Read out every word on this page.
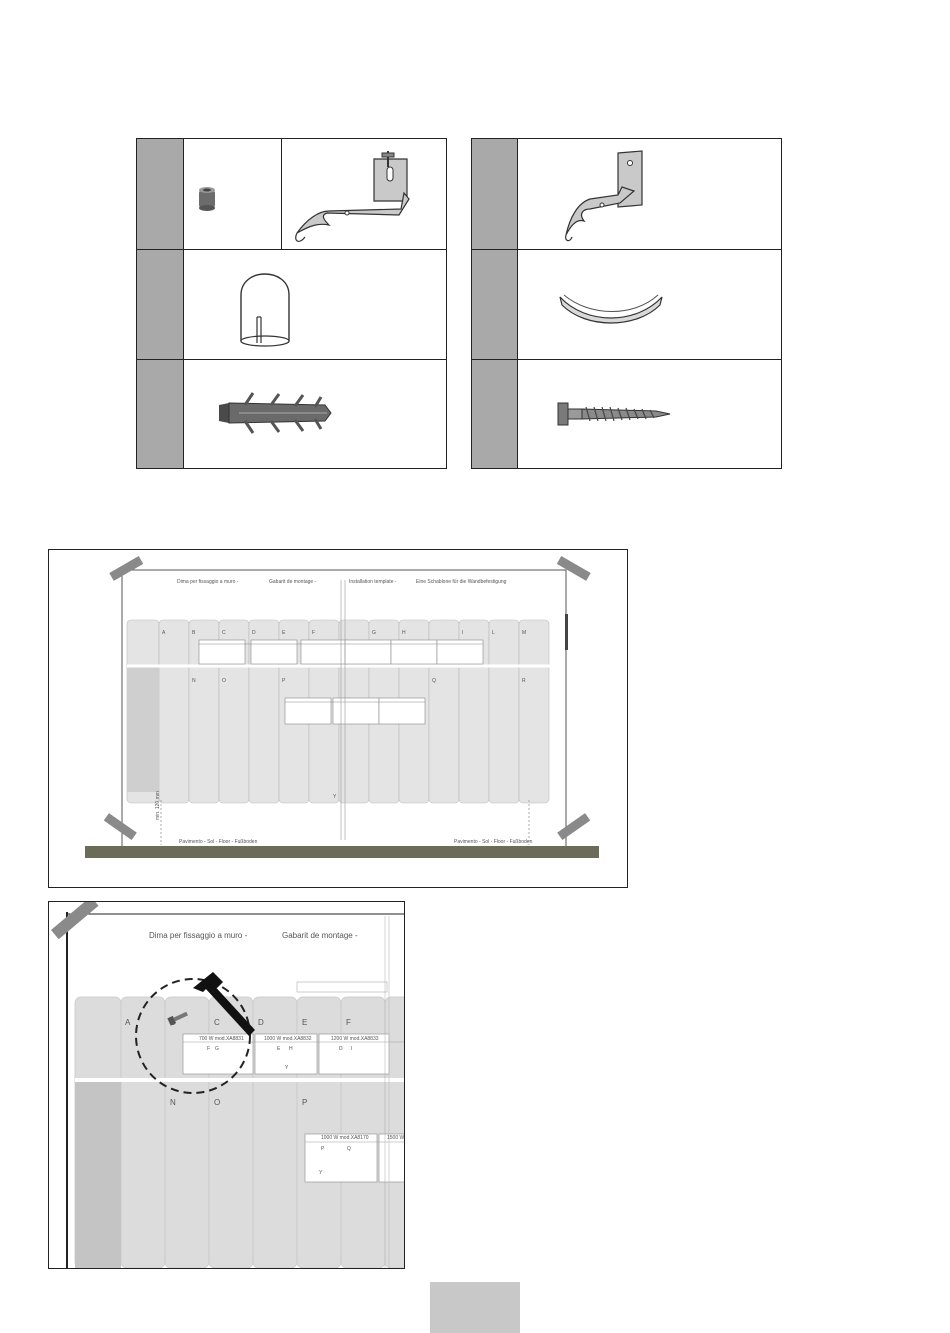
Dima per fissaggio a muro -	Gabarit de montage -	Installation template -	Eine Schablone für die Wandbefestigung
A	B	C	D	E	F	G	H	I	L	M
N	O	P	Q	R
Y
Pavimento - Sol - Floor - Fußboden	Pavimento - Sol - Floor - Fußboden
min. 120 mm
Dima per fissaggio a muro -	Gabarit de montage -
A	B	C	D	E	F
N	O	P
700 W mod.XA8831	1000 W mod.XA8832	1200 W mod.XA8833
1000 W mod.XA8170	1500 W
F G	E H	D I
P	Q
Y
Y
